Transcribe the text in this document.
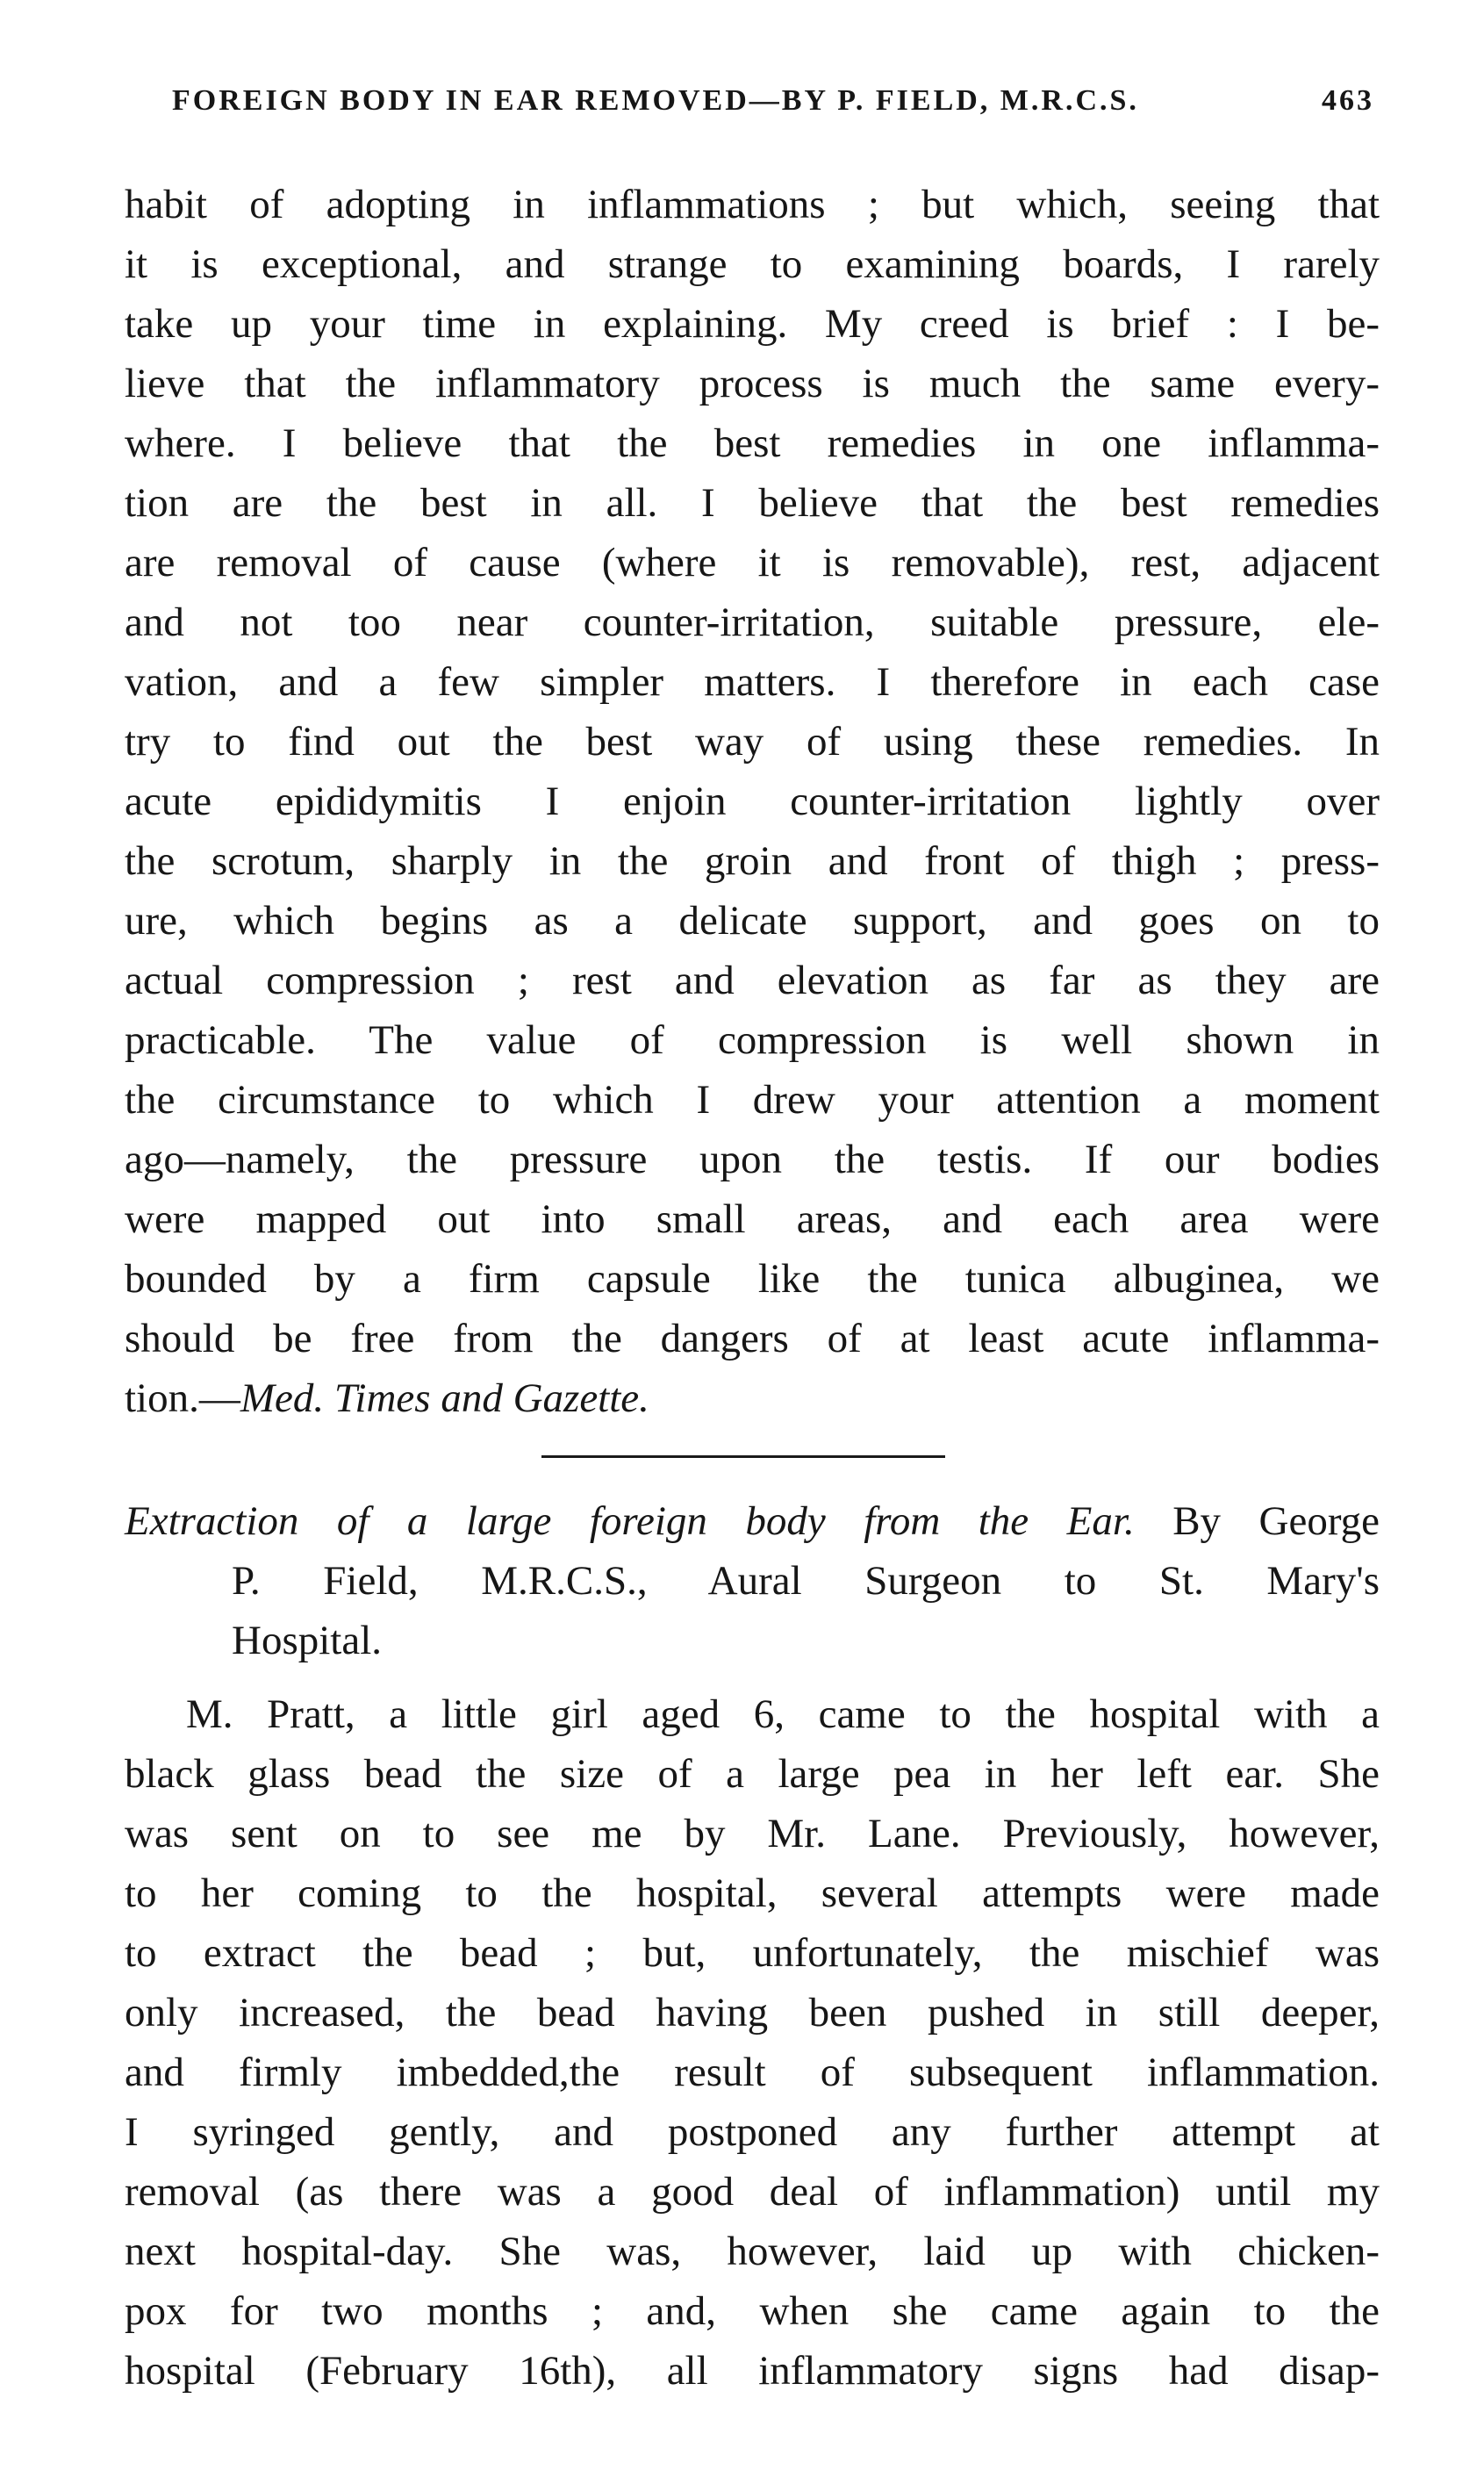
FOREIGN BODY IN EAR REMOVED—BY P. FIELD, M.R.C.S.	463
habit of adopting in inflammations ; but which, seeing that
it is exceptional, and strange to examining boards, I rarely
take up your time in explaining. My creed is brief : I be-
lieve that the inflammatory process is much the same every-
where. I believe that the best remedies in one inflamma-
tion are the best in all. I believe that the best remedies
are removal of cause (where it is removable), rest, adjacent
and not too near counter-irritation, suitable pressure, ele-
vation, and a few simpler matters. I therefore in each case
try to find out the best way of using these remedies. In
acute epididymitis I enjoin counter-irritation lightly over
the scrotum, sharply in the groin and front of thigh ; press-
ure, which begins as a delicate support, and goes on to
actual compression ; rest and elevation as far as they are
practicable. The value of compression is well shown in
the circumstance to which I drew your attention a moment
ago—namely, the pressure upon the testis. If our bodies
were mapped out into small areas, and each area were
bounded by a firm capsule like the tunica albuginea, we
should be free from the dangers of at least acute inflamma-
tion.—Med. Times and Gazette.
Extraction of a large foreign body from the Ear. By George
P. Field, M.R.C.S., Aural Surgeon to St. Mary's
Hospital.
M. Pratt, a little girl aged 6, came to the hospital with a
black glass bead the size of a large pea in her left ear. She
was sent on to see me by Mr. Lane. Previously, however,
to her coming to the hospital, several attempts were made
to extract the bead ; but, unfortunately, the mischief was
only increased, the bead having been pushed in still deeper,
and firmly imbedded,the result of subsequent inflammation.
I syringed gently, and postponed any further attempt at
removal (as there was a good deal of inflammation) until my
next hospital-day. She was, however, laid up with chicken-
pox for two months ; and, when she came again to the
hospital (February 16th), all inflammatory signs had disap-
